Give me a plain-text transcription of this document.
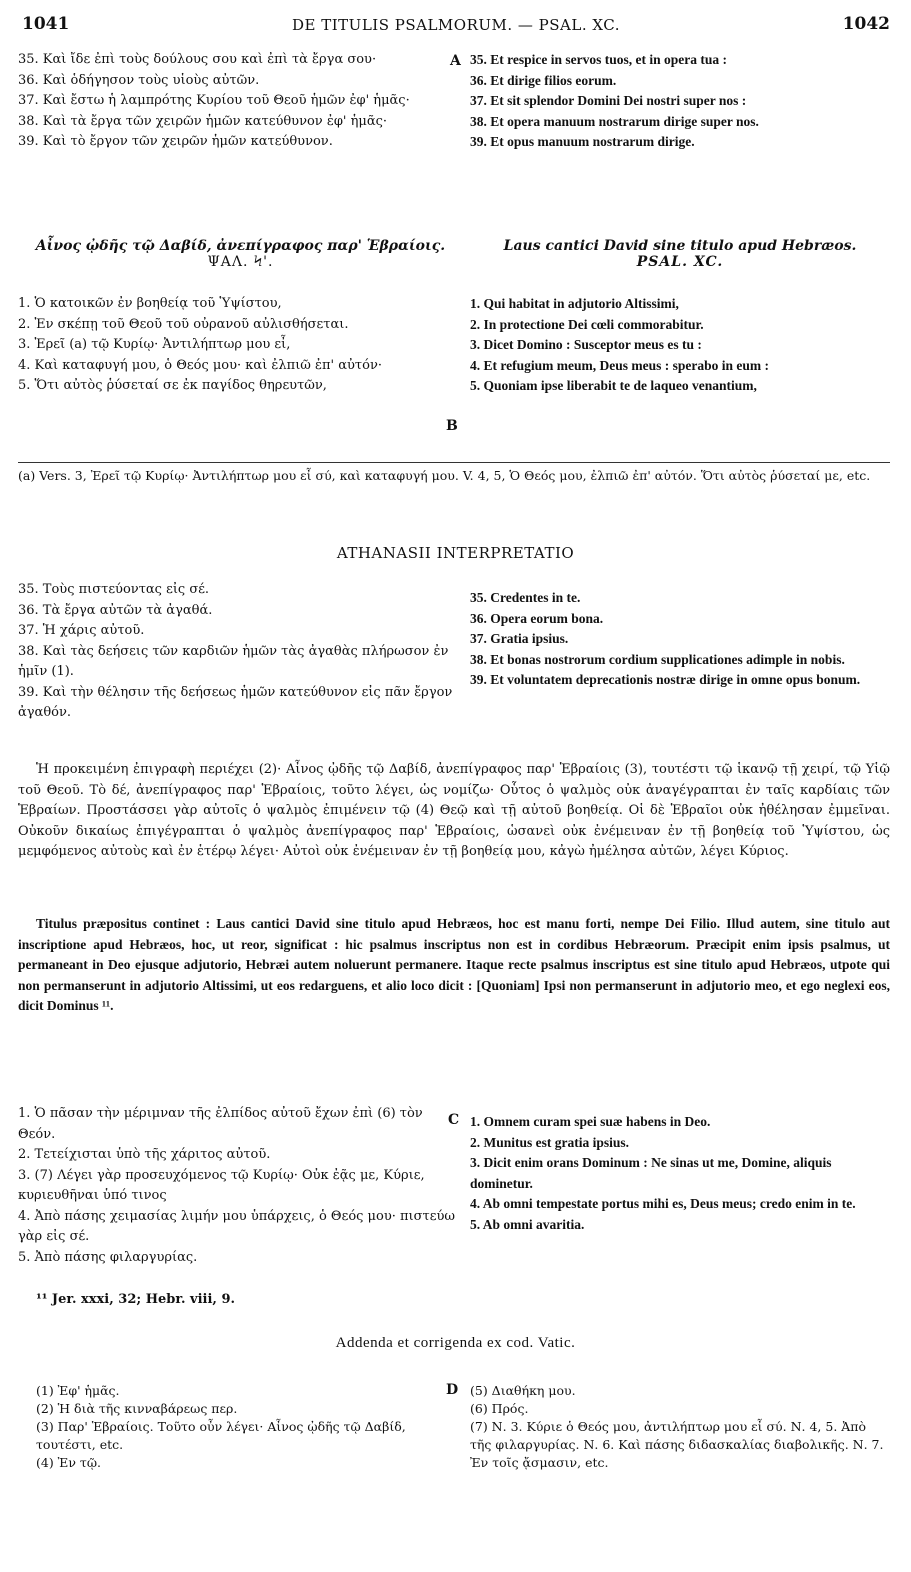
1041	DE TITULIS PSALMORUM. — PSAL. XC.	1042

35. Καὶ ἴδε ἐπὶ τοὺς δούλους σου καὶ ἐπὶ τὰ ἔργα σου·

36. Καὶ ὁδήγησον τοὺς υἱοὺς αὐτῶν.

37. Καὶ ἔστω ἡ λαμπρότης Κυρίου τοῦ Θεοῦ ἡμῶν ἐφ' ἡμᾶς·

38. Καὶ τὰ ἔργα τῶν χειρῶν ἡμῶν κατεύθυνον ἐφ' ἡμᾶς·

39. Καὶ τὸ ἔργον τῶν χειρῶν ἡμῶν κατεύθυνον.

A 35. Et respice in servos tuos, et in opera tua :

36. Et dirige filios eorum.

37. Et sit splendor Domini Dei nostri super nos :

38. Et opera manuum nostrarum dirige super nos.

39. Et opus manuum nostrarum dirige.

Αἶνος ᾠδῆς τῷ Δαβίδ, ἀνεπίγραφος παρ' Ἑβραίοις.
ΨΑΛ. Ϟ'.
Laus cantici David sine titulo apud Hebræos.
PSAL. XC.

1. Ὁ κατοικῶν ἐν βοηθείᾳ τοῦ Ὑψίστου,

2. Ἐν σκέπῃ τοῦ Θεοῦ τοῦ οὐρανοῦ αὐλισθήσεται.

3. Ἐρεῖ (a) τῷ Κυρίῳ· Ἀντιλήπτωρ μου εἶ,

4. Καὶ καταφυγή μου, ὁ Θεός μου· καὶ ἐλπιῶ ἐπ' αὐτόν·

5. Ὅτι αὐτὸς ῥύσεταί σε ἐκ παγίδος θηρευτῶν,

B

1. Qui habitat in adjutorio Altissimi,

2. In protectione Dei cœli commorabitur.

3. Dicet Domino : Susceptor meus es tu :

4. Et refugium meum, Deus meus : sperabo in eum :

5. Quoniam ipse liberabit te de laqueo venantium,

(a) Vers. 3, Ἐρεῖ τῷ Κυρίῳ· Ἀντιλήπτωρ μου εἶ σύ, καὶ καταφυγή μου. V. 4, 5, Ὁ Θεός μου, ἐλπιῶ ἐπ' αὐτόν. Ὅτι αὐτὸς ῥύσεταί με, etc.

ATHANASII INTERPRETATIO

35. Τοὺς πιστεύοντας εἰς σέ.

36. Τὰ ἔργα αὐτῶν τὰ ἀγαθά.

37. Ἡ χάρις αὐτοῦ.

38. Καὶ τὰς δεήσεις τῶν καρδιῶν ἡμῶν τὰς ἀγαθὰς πλήρωσον ἐν ἡμῖν (1).

39. Καὶ τὴν θέλησιν τῆς δεήσεως ἡμῶν κατεύθυνον εἰς πᾶν ἔργον ἀγαθόν.

35. Credentes in te.

36. Opera eorum bona.

37. Gratia ipsius.

38. Et bonas nostrorum cordium supplicationes adimple in nobis.

39. Et voluntatem deprecationis nostræ dirige in omne opus bonum.

Ἡ προκειμένη ἐπιγραφὴ περιέχει (2)· Αἶνος ᾠδῆς τῷ Δαβίδ, ἀνεπίγραφος παρ' Ἑβραίοις (3), τουτέστι τῷ ἱκανῷ τῇ χειρί, τῷ Υἱῷ τοῦ Θεοῦ. Τὸ δέ, ἀνεπίγραφος παρ' Ἑβραίοις, τοῦτο λέγει, ὡς νομίζω· Οὗτος ὁ ψαλμὸς οὐκ ἀναγέγραπται ἐν ταῖς καρδίαις τῶν Ἑβραίων. Προστάσσει γὰρ αὐτοῖς ὁ ψαλμὸς ἐπιμένειν τῷ (4) Θεῷ καὶ τῇ αὐτοῦ βοηθείᾳ. Οἱ δὲ Ἑβραῖοι οὐκ ἠθέλησαν ἐμμεῖναι. Οὐκοῦν δικαίως ἐπιγέγραπται ὁ ψαλμὸς ἀνεπίγραφος παρ' Ἑβραίοις, ὡσανεὶ οὐκ ἐνέμειναν ἐν τῇ βοηθείᾳ τοῦ Ὑψίστου, ὡς μεμφόμενος αὐτοὺς καὶ ἐν ἑτέρῳ λέγει· Αὐτοὶ οὐκ ἐνέμειναν ἐν τῇ βοηθείᾳ μου, κἀγὼ ἠμέλησα αὐτῶν, λέγει Κύριος.

Titulus præpositus continet : Laus cantici David sine titulo apud Hebræos, hoc est manu forti, nempe Dei Filio. Illud autem, sine titulo aut inscriptione apud Hebræos, hoc, ut reor, significat : hic psalmus inscriptus non est in cordibus Hebræorum. Præcipit enim ipsis psalmus, ut permaneant in Deo ejusque adjutorio, Hebræi autem noluerunt permanere. Itaque recte psalmus inscriptus est sine titulo apud Hebræos, utpote qui non permanserunt in adjutorio Altissimi, ut eos redarguens, et alio loco dicit : [Quoniam] Ipsi non permanserunt in adjutorio meo, et ego neglexi eos, dicit Dominus ¹¹.

1. Ὁ πᾶσαν τὴν μέριμναν τῆς ἐλπίδος αὐτοῦ ἔχων ἐπὶ (6) τὸν Θεόν.

2. Τετείχισται ὑπὸ τῆς χάριτος αὐτοῦ.

3. (7) Λέγει γὰρ προσευχόμενος τῷ Κυρίῳ· Οὐκ ἐᾷς με, Κύριε, κυριευθῆναι ὑπό τινος

4. Ἀπὸ πάσης χειμασίας λιμήν μου ὑπάρχεις, ὁ Θεός μου· πιστεύω γὰρ εἰς σέ.

5. Ἀπὸ πάσης φιλαργυρίας.

C 1. Omnem curam spei suæ habens in Deo.

2. Munitus est gratia ipsius.

3. Dicit enim orans Dominum : Ne sinas ut me, Domine, aliquis dominetur.

4. Ab omni tempestate portus mihi es, Deus meus; credo enim in te.

5. Ab omni avaritia.

¹¹ Jer. xxxi, 32; Hebr. viii, 9.

Addenda et corrigenda ex cod. Vatic.

(1) Ἐφ' ἡμᾶς.

(2) Ἡ διὰ τῆς κινναβάρεως περ.

(3) Παρ' Ἑβραίοις. Τοῦτο οὖν λέγει· Αἶνος ᾠδῆς τῷ Δαβίδ, τουτέστι, etc.

(4) Ἐν τῷ.

D (5) Διαθήκη μου.

(6) Πρός.

(7) Ν. 3. Κύριε ὁ Θεός μου, ἀντιλήπτωρ μου εἶ σύ. Ν. 4, 5. Ἀπὸ τῆς φιλαργυρίας. Ν. 6. Καὶ πάσης διδασκαλίας διαβολικῆς. Ν. 7. Ἐν τοῖς ᾄσμασιν, etc.
